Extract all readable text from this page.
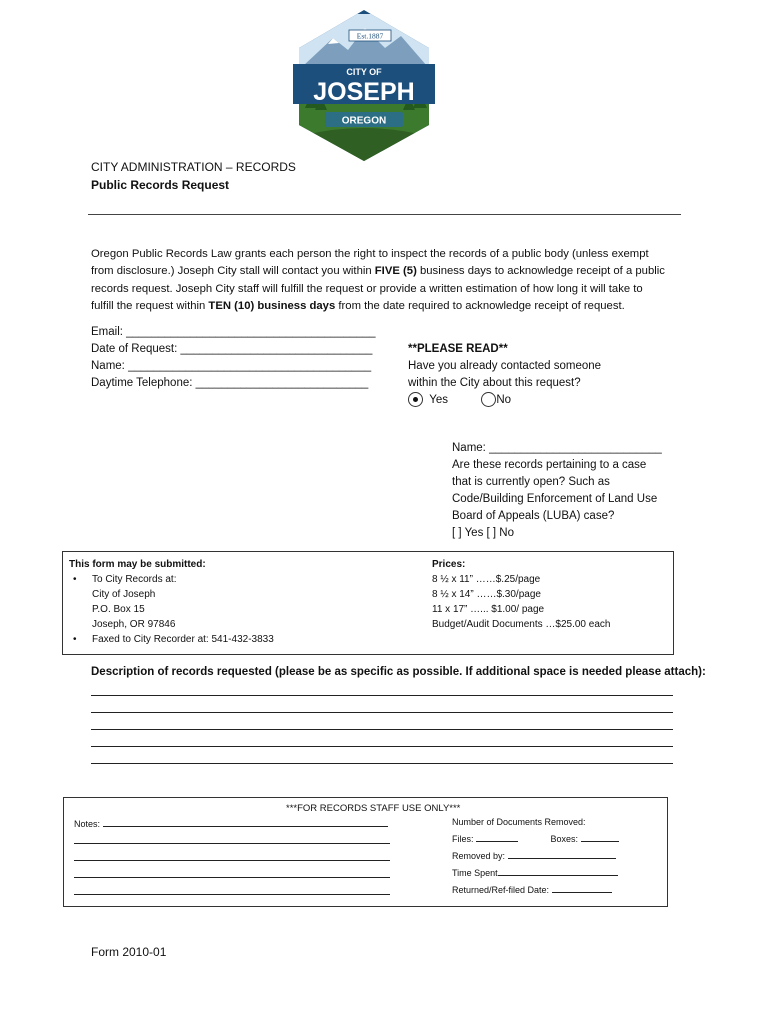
Est.1887
CITY OF
JOSEPH
OREGON
CITY ADMINISTRATION – RECORDS
Public Records Request

Oregon Public Records Law grants each person the right to inspect the records of a public body (unless exempt

from disclosure.) Joseph City stall will contact you within FIVE (5) business days to acknowledge receipt of a public

records request. Joseph City staff will fulfill the request or provide a written estimation of how long it will take to

fulfill the request within TEN (10) business days from the date required to acknowledge receipt of request.

Email: _______________________________________
Date of Request: ______________________________
Name: ______________________________________
Daytime Telephone: ___________________________
**PLEASE READ**
Have you already contacted someone
within the City about this request?
Yes	No
Name: ___________________________
Are these records pertaining to a case
that is currently open? Such as
Code/Building Enforcement of Land Use
Board of Appeals (LUBA) case?
[ ] Yes [ ] No
This form may be submitted:
• To City Records at:
City of Joseph
P.O. Box 15
Joseph, OR 97846
• Faxed to City Recorder at: 541-432-3833
Prices:
8 ½ x 11” ……$.25/page
8 ½ x 14” ……$.30/page
11 x 17” …... $1.00/ page
Budget/Audit Documents …$25.00 each
Description of records requested (please be as specific as possible. If additional space is needed please attach):
***FOR RECORDS STAFF USE ONLY***
Notes:	Number of Documents Removed:
Files:	Boxes:
Removed by:
Time Spent
Returned/Ref-filed Date:
Form 2010-01
